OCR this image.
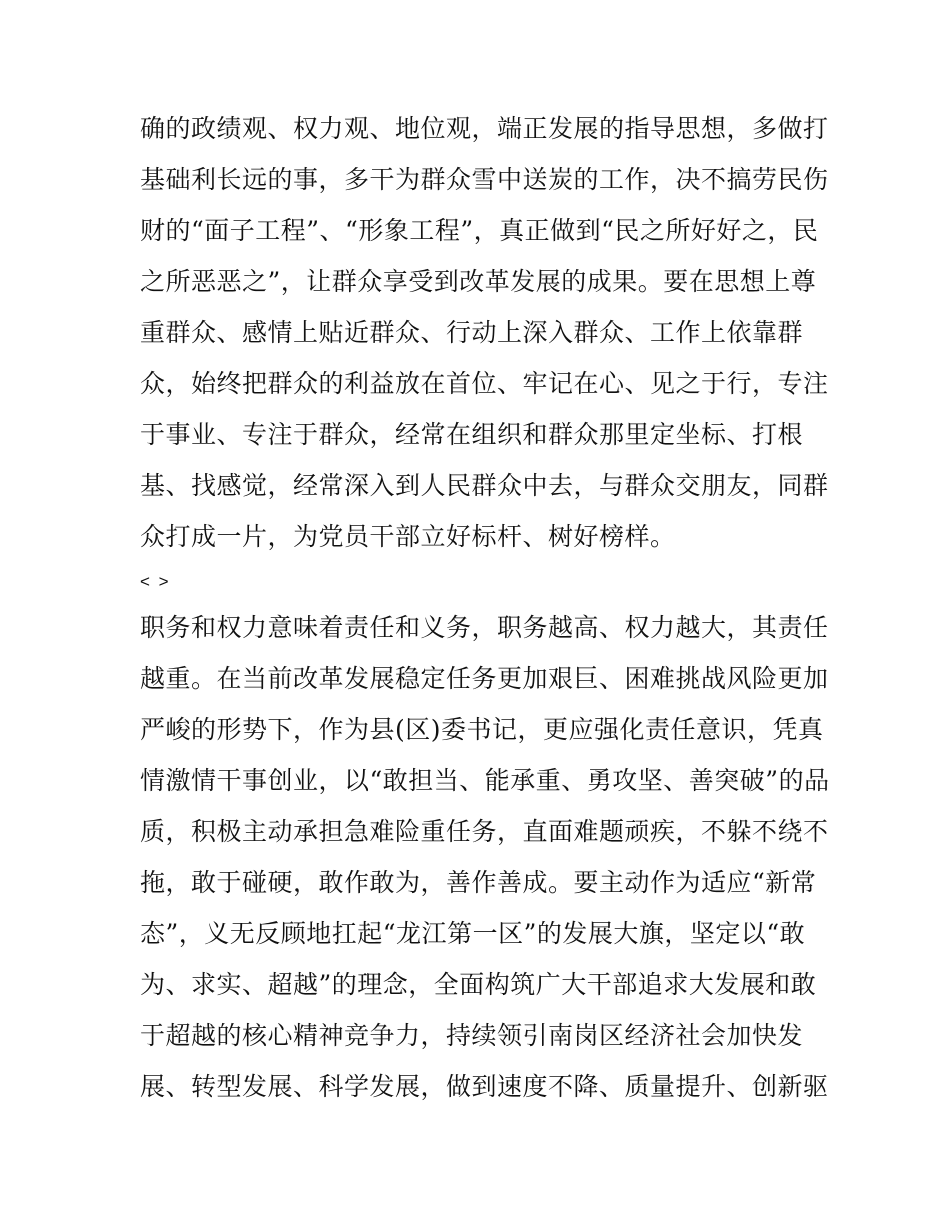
确的政绩观、权力观、地位观，端正发展的指导思想，多做打
基础利长远的事，多干为群众雪中送炭的工作，决不搞劳民伤
财的“面子工程”、“形象工程”，真正做到“民之所好好之，民
之所恶恶之”，让群众享受到改革发展的成果。要在思想上尊
重群众、感情上贴近群众、行动上深入群众、工作上依靠群
众，始终把群众的利益放在首位、牢记在心、见之于行，专注
于事业、专注于群众，经常在组织和群众那里定坐标、打根
基、找感觉，经常深入到人民群众中去，与群众交朋友，同群
众打成一片，为党员干部立好标杆、树好榜样。
< >
职务和权力意味着责任和义务，职务越高、权力越大，其责任
越重。在当前改革发展稳定任务更加艰巨、困难挑战风险更加
严峻的形势下，作为县(区)委书记，更应强化责任意识，凭真
情激情干事创业，以“敢担当、能承重、勇攻坚、善突破”的品
质，积极主动承担急难险重任务，直面难题顽疾，不躲不绕不
拖，敢于碰硬，敢作敢为，善作善成。要主动作为适应“新常
态”，义无反顾地扛起“龙江第一区”的发展大旗，坚定以“敢
为、求实、超越”的理念，全面构筑广大干部追求大发展和敢
于超越的核心精神竞争力，持续领引南岗区经济社会加快发
展、转型发展、科学发展，做到速度不降、质量提升、创新驱
